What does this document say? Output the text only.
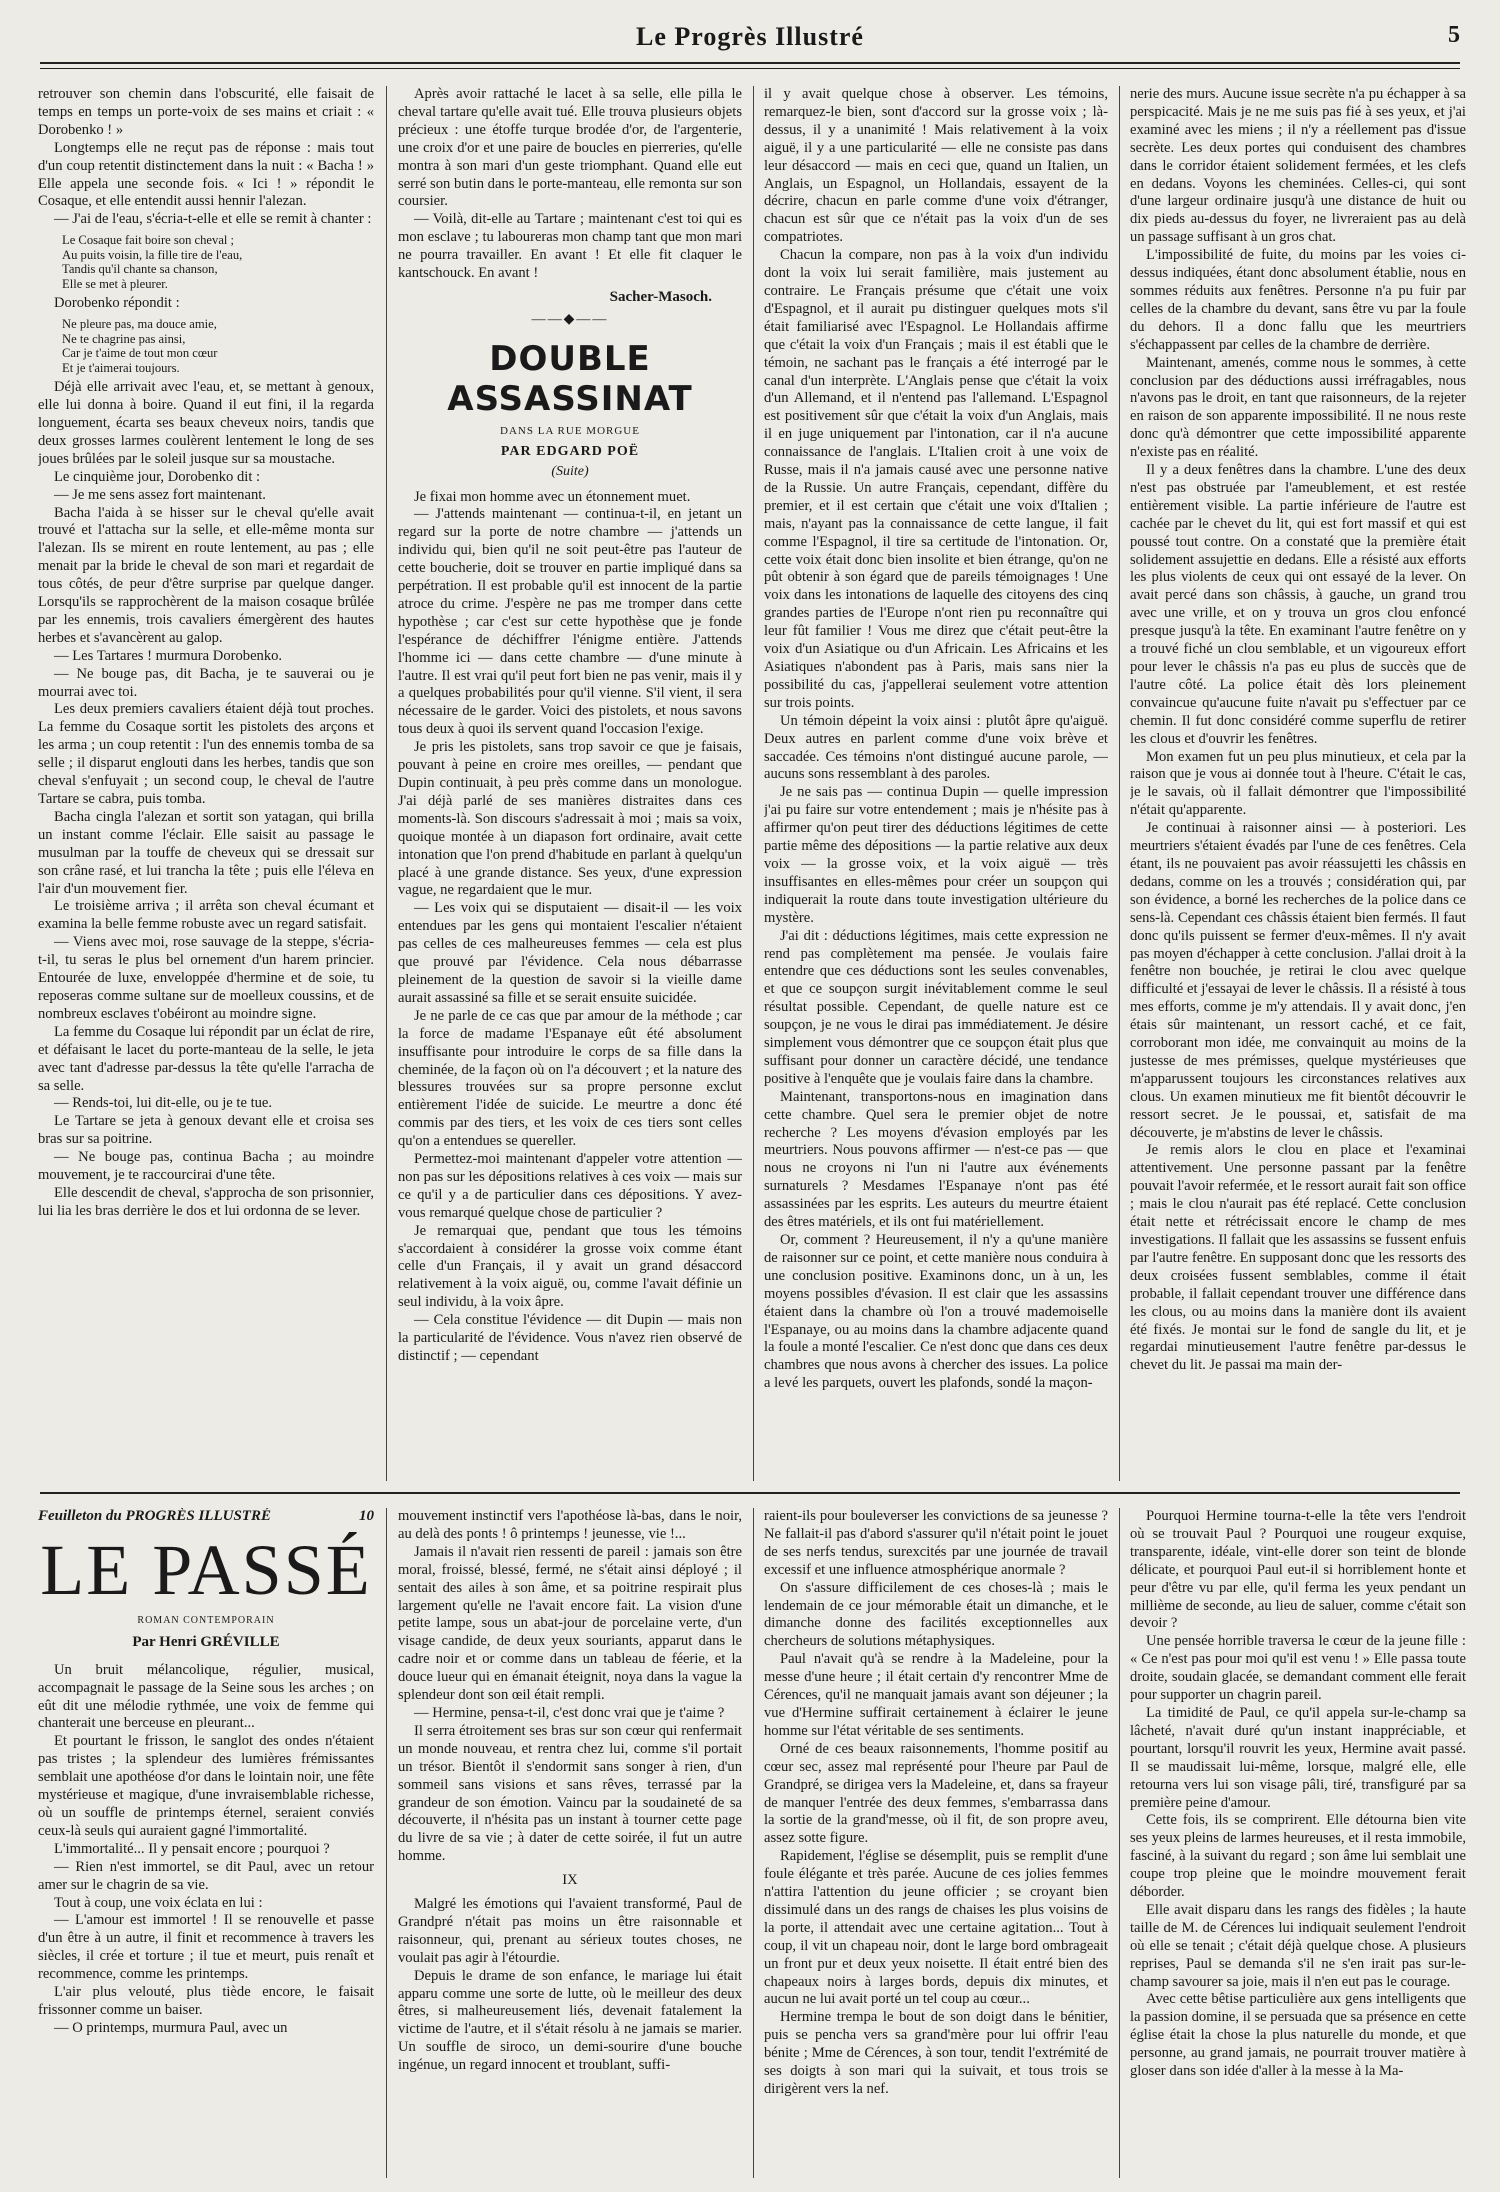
Le Progrès Illustré	5

retrouver son chemin dans l'obscurité, elle faisait de temps en temps un porte-voix de ses mains et criait : « Dorobenko ! »

Longtemps elle ne reçut pas de réponse : mais tout d'un coup retentit distinctement dans la nuit : « Bacha ! » Elle appela une seconde fois. « Ici ! » répondit le Cosaque, et elle entendit aussi hennir l'alezan.

— J'ai de l'eau, s'écria-t-elle et elle se remit à chanter :

Le Cosaque fait boire son cheval ;
Au puits voisin, la fille tire de l'eau,
Tandis qu'il chante sa chanson,
Elle se met à pleurer.

Dorobenko répondit :

Ne pleure pas, ma douce amie,
Ne te chagrine pas ainsi,
Car je t'aime de tout mon cœur
Et je t'aimerai toujours.

Déjà elle arrivait avec l'eau, et, se mettant à genoux, elle lui donna à boire. Quand il eut fini, il la regarda longuement, écarta ses beaux cheveux noirs, tandis que deux grosses larmes coulèrent lentement le long de ses joues brûlées par le soleil jusque sur sa moustache.

Le cinquième jour, Dorobenko dit :

— Je me sens assez fort maintenant.

Bacha l'aida à se hisser sur le cheval qu'elle avait trouvé et l'attacha sur la selle, et elle-même monta sur l'alezan. Ils se mirent en route lentement, au pas ; elle menait par la bride le cheval de son mari et regardait de tous côtés, de peur d'être surprise par quelque danger. Lorsqu'ils se rapprochèrent de la maison cosaque brûlée par les ennemis, trois cavaliers émergèrent des hautes herbes et s'avancèrent au galop.

— Les Tartares ! murmura Dorobenko.

— Ne bouge pas, dit Bacha, je te sauverai ou je mourrai avec toi.

Les deux premiers cavaliers étaient déjà tout proches. La femme du Cosaque sortit les pistolets des arçons et les arma ; un coup retentit : l'un des ennemis tomba de sa selle ; il disparut englouti dans les herbes, tandis que son cheval s'enfuyait ; un second coup, le cheval de l'autre Tartare se cabra, puis tomba.

Bacha cingla l'alezan et sortit son yatagan, qui brilla un instant comme l'éclair. Elle saisit au passage le musulman par la touffe de cheveux qui se dressait sur son crâne rasé, et lui trancha la tête ; puis elle l'éleva en l'air d'un mouvement fier.

Le troisième arriva ; il arrêta son cheval écumant et examina la belle femme robuste avec un regard satisfait.

— Viens avec moi, rose sauvage de la steppe, s'écria-t-il, tu seras le plus bel ornement d'un harem princier. Entourée de luxe, enveloppée d'hermine et de soie, tu reposeras comme sultane sur de moelleux coussins, et de nombreux esclaves t'obéiront au moindre signe.

La femme du Cosaque lui répondit par un éclat de rire, et défaisant le lacet du porte-manteau de la selle, le jeta avec tant d'adresse par-dessus la tête qu'elle l'arracha de sa selle.

— Rends-toi, lui dit-elle, ou je te tue.

Le Tartare se jeta à genoux devant elle et croisa ses bras sur sa poitrine.

— Ne bouge pas, continua Bacha ; au moindre mouvement, je te raccourcirai d'une tête.

Elle descendit de cheval, s'approcha de son prisonnier, lui lia les bras derrière le dos et lui ordonna de se lever.

Après avoir rattaché le lacet à sa selle, elle pilla le cheval tartare qu'elle avait tué. Elle trouva plusieurs objets précieux : une étoffe turque brodée d'or, de l'argenterie, une croix d'or et une paire de boucles en pierreries, qu'elle montra à son mari d'un geste triomphant. Quand elle eut serré son butin dans le porte-manteau, elle remonta sur son coursier.

— Voilà, dit-elle au Tartare ; maintenant c'est toi qui es mon esclave ; tu laboureras mon champ tant que mon mari ne pourra travailler. En avant ! Et elle fit claquer le kantschouck. En avant !

Sacher-Masoch.
——◆——
DOUBLE ASSASSINAT
DANS LA RUE MORGUE
PAR EDGARD POË
(Suite)

Je fixai mon homme avec un étonnement muet.

— J'attends maintenant — continua-t-il, en jetant un regard sur la porte de notre chambre — j'attends un individu qui, bien qu'il ne soit peut-être pas l'auteur de cette boucherie, doit se trouver en partie impliqué dans sa perpétration. Il est probable qu'il est innocent de la partie atroce du crime. J'espère ne pas me tromper dans cette hypothèse ; car c'est sur cette hypothèse que je fonde l'espérance de déchiffrer l'énigme entière. J'attends l'homme ici — dans cette chambre — d'une minute à l'autre. Il est vrai qu'il peut fort bien ne pas venir, mais il y a quelques probabilités pour qu'il vienne. S'il vient, il sera nécessaire de le garder. Voici des pistolets, et nous savons tous deux à quoi ils servent quand l'occasion l'exige.

Je pris les pistolets, sans trop savoir ce que je faisais, pouvant à peine en croire mes oreilles, — pendant que Dupin continuait, à peu près comme dans un monologue. J'ai déjà parlé de ses manières distraites dans ces moments-là. Son discours s'adressait à moi ; mais sa voix, quoique montée à un diapason fort ordinaire, avait cette intonation que l'on prend d'habitude en parlant à quelqu'un placé à une grande distance. Ses yeux, d'une expression vague, ne regardaient que le mur.

— Les voix qui se disputaient — disait-il — les voix entendues par les gens qui montaient l'escalier n'étaient pas celles de ces malheureuses femmes — cela est plus que prouvé par l'évidence. Cela nous débarrasse pleinement de la question de savoir si la vieille dame aurait assassiné sa fille et se serait ensuite suicidée.

Je ne parle de ce cas que par amour de la méthode ; car la force de madame l'Espanaye eût été absolument insuffisante pour introduire le corps de sa fille dans la cheminée, de la façon où on l'a découvert ; et la nature des blessures trouvées sur sa propre personne exclut entièrement l'idée de suicide. Le meurtre a donc été commis par des tiers, et les voix de ces tiers sont celles qu'on a entendues se quereller.

Permettez-moi maintenant d'appeler votre attention — non pas sur les dépositions relatives à ces voix — mais sur ce qu'il y a de particulier dans ces dépositions. Y avez-vous remarqué quelque chose de particulier ?

Je remarquai que, pendant que tous les témoins s'accordaient à considérer la grosse voix comme étant celle d'un Français, il y avait un grand désaccord relativement à la voix aiguë, ou, comme l'avait définie un seul individu, à la voix âpre.

— Cela constitue l'évidence — dit Dupin — mais non la particularité de l'évidence. Vous n'avez rien observé de distinctif ; — cependant

il y avait quelque chose à observer. Les témoins, remarquez-le bien, sont d'accord sur la grosse voix ; là-dessus, il y a unanimité ! Mais relativement à la voix aiguë, il y a une particularité — elle ne consiste pas dans leur désaccord — mais en ceci que, quand un Italien, un Anglais, un Espagnol, un Hollandais, essayent de la décrire, chacun en parle comme d'une voix d'étranger, chacun est sûr que ce n'était pas la voix d'un de ses compatriotes.

Chacun la compare, non pas à la voix d'un individu dont la voix lui serait familière, mais justement au contraire. Le Français présume que c'était une voix d'Espagnol, et il aurait pu distinguer quelques mots s'il était familiarisé avec l'Espagnol. Le Hollandais affirme que c'était la voix d'un Français ; mais il est établi que le témoin, ne sachant pas le français a été interrogé par le canal d'un interprète. L'Anglais pense que c'était la voix d'un Allemand, et il n'entend pas l'allemand. L'Espagnol est positivement sûr que c'était la voix d'un Anglais, mais il en juge uniquement par l'intonation, car il n'a aucune connaissance de l'anglais. L'Italien croit à une voix de Russe, mais il n'a jamais causé avec une personne native de la Russie. Un autre Français, cependant, diffère du premier, et il est certain que c'était une voix d'Italien ; mais, n'ayant pas la connaissance de cette langue, il fait comme l'Espagnol, il tire sa certitude de l'intonation. Or, cette voix était donc bien insolite et bien étrange, qu'on ne pût obtenir à son égard que de pareils témoignages ! Une voix dans les intonations de laquelle des citoyens des cinq grandes parties de l'Europe n'ont rien pu reconnaître qui leur fût familier ! Vous me direz que c'était peut-être la voix d'un Asiatique ou d'un Africain. Les Africains et les Asiatiques n'abondent pas à Paris, mais sans nier la possibilité du cas, j'appellerai seulement votre attention sur trois points.

Un témoin dépeint la voix ainsi : plutôt âpre qu'aiguë. Deux autres en parlent comme d'une voix brève et saccadée. Ces témoins n'ont distingué aucune parole, — aucuns sons ressemblant à des paroles.

Je ne sais pas — continua Dupin — quelle impression j'ai pu faire sur votre entendement ; mais je n'hésite pas à affirmer qu'on peut tirer des déductions légitimes de cette partie même des dépositions — la partie relative aux deux voix — la grosse voix, et la voix aiguë — très insuffisantes en elles-mêmes pour créer un soupçon qui indiquerait la route dans toute investigation ultérieure du mystère.

J'ai dit : déductions légitimes, mais cette expression ne rend pas complètement ma pensée. Je voulais faire entendre que ces déductions sont les seules convenables, et que ce soupçon surgit inévitablement comme le seul résultat possible. Cependant, de quelle nature est ce soupçon, je ne vous le dirai pas immédiatement. Je désire simplement vous démontrer que ce soupçon était plus que suffisant pour donner un caractère décidé, une tendance positive à l'enquête que je voulais faire dans la chambre.

Maintenant, transportons-nous en imagination dans cette chambre. Quel sera le premier objet de notre recherche ? Les moyens d'évasion employés par les meurtriers. Nous pouvons affirmer — n'est-ce pas — que nous ne croyons ni l'un ni l'autre aux événements surnaturels ? Mesdames l'Espanaye n'ont pas été assassinées par les esprits. Les auteurs du meurtre étaient des êtres matériels, et ils ont fui matériellement.

Or, comment ? Heureusement, il n'y a qu'une manière de raisonner sur ce point, et cette manière nous conduira à une conclusion positive. Examinons donc, un à un, les moyens possibles d'évasion. Il est clair que les assassins étaient dans la chambre où l'on a trouvé mademoiselle l'Espanaye, ou au moins dans la chambre adjacente quand la foule a monté l'escalier. Ce n'est donc que dans ces deux chambres que nous avons à chercher des issues. La police a levé les parquets, ouvert les plafonds, sondé la maçon-

nerie des murs. Aucune issue secrète n'a pu échapper à sa perspicacité. Mais je ne me suis pas fié à ses yeux, et j'ai examiné avec les miens ; il n'y a réellement pas d'issue secrète. Les deux portes qui conduisent des chambres dans le corridor étaient solidement fermées, et les clefs en dedans. Voyons les cheminées. Celles-ci, qui sont d'une largeur ordinaire jusqu'à une distance de huit ou dix pieds au-dessus du foyer, ne livreraient pas au delà un passage suffisant à un gros chat.

L'impossibilité de fuite, du moins par les voies ci-dessus indiquées, étant donc absolument établie, nous en sommes réduits aux fenêtres. Personne n'a pu fuir par celles de la chambre du devant, sans être vu par la foule du dehors. Il a donc fallu que les meurtriers s'échappassent par celles de la chambre de derrière.

Maintenant, amenés, comme nous le sommes, à cette conclusion par des déductions aussi irréfragables, nous n'avons pas le droit, en tant que raisonneurs, de la rejeter en raison de son apparente impossibilité. Il ne nous reste donc qu'à démontrer que cette impossibilité apparente n'existe pas en réalité.

Il y a deux fenêtres dans la chambre. L'une des deux n'est pas obstruée par l'ameublement, et est restée entièrement visible. La partie inférieure de l'autre est cachée par le chevet du lit, qui est fort massif et qui est poussé tout contre. On a constaté que la première était solidement assujettie en dedans. Elle a résisté aux efforts les plus violents de ceux qui ont essayé de la lever. On avait percé dans son châssis, à gauche, un grand trou avec une vrille, et on y trouva un gros clou enfoncé presque jusqu'à la tête. En examinant l'autre fenêtre on y a trouvé fiché un clou semblable, et un vigoureux effort pour lever le châssis n'a pas eu plus de succès que de l'autre côté. La police était dès lors pleinement convaincue qu'aucune fuite n'avait pu s'effectuer par ce chemin. Il fut donc considéré comme superflu de retirer les clous et d'ouvrir les fenêtres.

Mon examen fut un peu plus minutieux, et cela par la raison que je vous ai donnée tout à l'heure. C'était le cas, je le savais, où il fallait démontrer que l'impossibilité n'était qu'apparente.

Je continuai à raisonner ainsi — à posteriori. Les meurtriers s'étaient évadés par l'une de ces fenêtres. Cela étant, ils ne pouvaient pas avoir réassujetti les châssis en dedans, comme on les a trouvés ; considération qui, par son évidence, a borné les recherches de la police dans ce sens-là. Cependant ces châssis étaient bien fermés. Il faut donc qu'ils puissent se fermer d'eux-mêmes. Il n'y avait pas moyen d'échapper à cette conclusion. J'allai droit à la fenêtre non bouchée, je retirai le clou avec quelque difficulté et j'essayai de lever le châssis. Il a résisté à tous mes efforts, comme je m'y attendais. Il y avait donc, j'en étais sûr maintenant, un ressort caché, et ce fait, corroborant mon idée, me convainquit au moins de la justesse de mes prémisses, quelque mystérieuses que m'apparussent toujours les circonstances relatives aux clous. Un examen minutieux me fit bientôt découvrir le ressort secret. Je le poussai, et, satisfait de ma découverte, je m'abstins de lever le châssis.

Je remis alors le clou en place et l'examinai attentivement. Une personne passant par la fenêtre pouvait l'avoir refermée, et le ressort aurait fait son office ; mais le clou n'aurait pas été replacé. Cette conclusion était nette et rétrécissait encore le champ de mes investigations. Il fallait que les assassins se fussent enfuis par l'autre fenêtre. En supposant donc que les ressorts des deux croisées fussent semblables, comme il était probable, il fallait cependant trouver une différence dans les clous, ou au moins dans la manière dont ils avaient été fixés. Je montai sur le fond de sangle du lit, et je regardai minutieusement l'autre fenêtre par-dessus le chevet du lit. Je passai ma main der-

Feuilleton du PROGRÈS ILLUSTRÉ	10
LE PASSÉ
ROMAN CONTEMPORAIN
Par Henri GRÉVILLE

Un bruit mélancolique, régulier, musical, accompagnait le passage de la Seine sous les arches ; on eût dit une mélodie rythmée, une voix de femme qui chanterait une berceuse en pleurant...

Et pourtant le frisson, le sanglot des ondes n'étaient pas tristes ; la splendeur des lumières frémissantes semblait une apothéose d'or dans le lointain noir, une fête mystérieuse et magique, d'une invraisemblable richesse, où un souffle de printemps éternel, seraient conviés ceux-là seuls qui auraient gagné l'immortalité.

L'immortalité... Il y pensait encore ; pourquoi ?

— Rien n'est immortel, se dit Paul, avec un retour amer sur le chagrin de sa vie.

Tout à coup, une voix éclata en lui :

— L'amour est immortel ! Il se renouvelle et passe d'un être à un autre, il finit et recommence à travers les siècles, il crée et torture ; il tue et meurt, puis renaît et recommence, comme les printemps.

L'air plus velouté, plus tiède encore, le faisait frissonner comme un baiser.

— O printemps, murmura Paul, avec un

mouvement instinctif vers l'apothéose là-bas, dans le noir, au delà des ponts ! ô printemps ! jeunesse, vie !...

Jamais il n'avait rien ressenti de pareil : jamais son être moral, froissé, blessé, fermé, ne s'était ainsi déployé ; il sentait des ailes à son âme, et sa poitrine respirait plus largement qu'elle ne l'avait encore fait. La vision d'une petite lampe, sous un abat-jour de porcelaine verte, d'un visage candide, de deux yeux souriants, apparut dans le cadre noir et or comme dans un tableau de féerie, et la douce lueur qui en émanait éteignit, noya dans la vague la splendeur dont son œil était rempli.

— Hermine, pensa-t-il, c'est donc vrai que je t'aime ?

Il serra étroitement ses bras sur son cœur qui renfermait un monde nouveau, et rentra chez lui, comme s'il portait un trésor. Bientôt il s'endormit sans songer à rien, d'un sommeil sans visions et sans rêves, terrassé par la grandeur de son émotion. Vaincu par la soudaineté de sa découverte, il n'hésita pas un instant à tourner cette page du livre de sa vie ; à dater de cette soirée, il fut un autre homme.

IX

Malgré les émotions qui l'avaient transformé, Paul de Grandpré n'était pas moins un être raisonnable et raisonneur, qui, prenant au sérieux toutes choses, ne voulait pas agir à l'étourdie.

Depuis le drame de son enfance, le mariage lui était apparu comme une sorte de lutte, où le meilleur des deux êtres, si malheureusement liés, devenait fatalement la victime de l'autre, et il s'était résolu à ne jamais se marier. Un souffle de siroco, un demi-sourire d'une bouche ingénue, un regard innocent et troublant, suffi-

raient-ils pour bouleverser les convictions de sa jeunesse ? Ne fallait-il pas d'abord s'assurer qu'il n'était point le jouet de ses nerfs tendus, surexcités par une journée de travail excessif et une influence atmosphérique anormale ?

On s'assure difficilement de ces choses-là ; mais le lendemain de ce jour mémorable était un dimanche, et le dimanche donne des facilités exceptionnelles aux chercheurs de solutions métaphysiques.

Paul n'avait qu'à se rendre à la Madeleine, pour la messe d'une heure ; il était certain d'y rencontrer Mme de Cérences, qu'il ne manquait jamais avant son déjeuner ; la vue d'Hermine suffirait certainement à éclairer le jeune homme sur l'état véritable de ses sentiments.

Orné de ces beaux raisonnements, l'homme positif au cœur sec, assez mal représenté pour l'heure par Paul de Grandpré, se dirigea vers la Madeleine, et, dans sa frayeur de manquer l'entrée des deux femmes, s'embarrassa dans la sortie de la grand'messe, où il fit, de son propre aveu, assez sotte figure.

Rapidement, l'église se désemplit, puis se remplit d'une foule élégante et très parée. Aucune de ces jolies femmes n'attira l'attention du jeune officier ; se croyant bien dissimulé dans un des rangs de chaises les plus voisins de la porte, il attendait avec une certaine agitation... Tout à coup, il vit un chapeau noir, dont le large bord ombrageait un front pur et deux yeux noisette. Il était entré bien des chapeaux noirs à larges bords, depuis dix minutes, et aucun ne lui avait porté un tel coup au cœur...

Hermine trempa le bout de son doigt dans le bénitier, puis se pencha vers sa grand'mère pour lui offrir l'eau bénite ; Mme de Cérences, à son tour, tendit l'extrémité de ses doigts à son mari qui la suivait, et tous trois se dirigèrent vers la nef.

Pourquoi Hermine tourna-t-elle la tête vers l'endroit où se trouvait Paul ? Pourquoi une rougeur exquise, transparente, idéale, vint-elle dorer son teint de blonde délicate, et pourquoi Paul eut-il si horriblement honte et peur d'être vu par elle, qu'il ferma les yeux pendant un millième de seconde, au lieu de saluer, comme c'était son devoir ?

Une pensée horrible traversa le cœur de la jeune fille : « Ce n'est pas pour moi qu'il est venu ! » Elle passa toute droite, soudain glacée, se demandant comment elle ferait pour supporter un chagrin pareil.

La timidité de Paul, ce qu'il appela sur-le-champ sa lâcheté, n'avait duré qu'un instant inappréciable, et pourtant, lorsqu'il rouvrit les yeux, Hermine avait passé. Il se maudissait lui-même, lorsque, malgré elle, elle retourna vers lui son visage pâli, tiré, transfiguré par sa première peine d'amour.

Cette fois, ils se comprirent. Elle détourna bien vite ses yeux pleins de larmes heureuses, et il resta immobile, fasciné, à la suivant du regard ; son âme lui semblait une coupe trop pleine que le moindre mouvement ferait déborder.

Elle avait disparu dans les rangs des fidèles ; la haute taille de M. de Cérences lui indiquait seulement l'endroit où elle se tenait ; c'était déjà quelque chose. A plusieurs reprises, Paul se demanda s'il ne s'en irait pas sur-le-champ savourer sa joie, mais il n'en eut pas le courage.

Avec cette bêtise particulière aux gens intelligents que la passion domine, il se persuada que sa présence en cette église était la chose la plus naturelle du monde, et que personne, au grand jamais, ne pourrait trouver matière à gloser dans son idée d'aller à la messe à la Ma-
